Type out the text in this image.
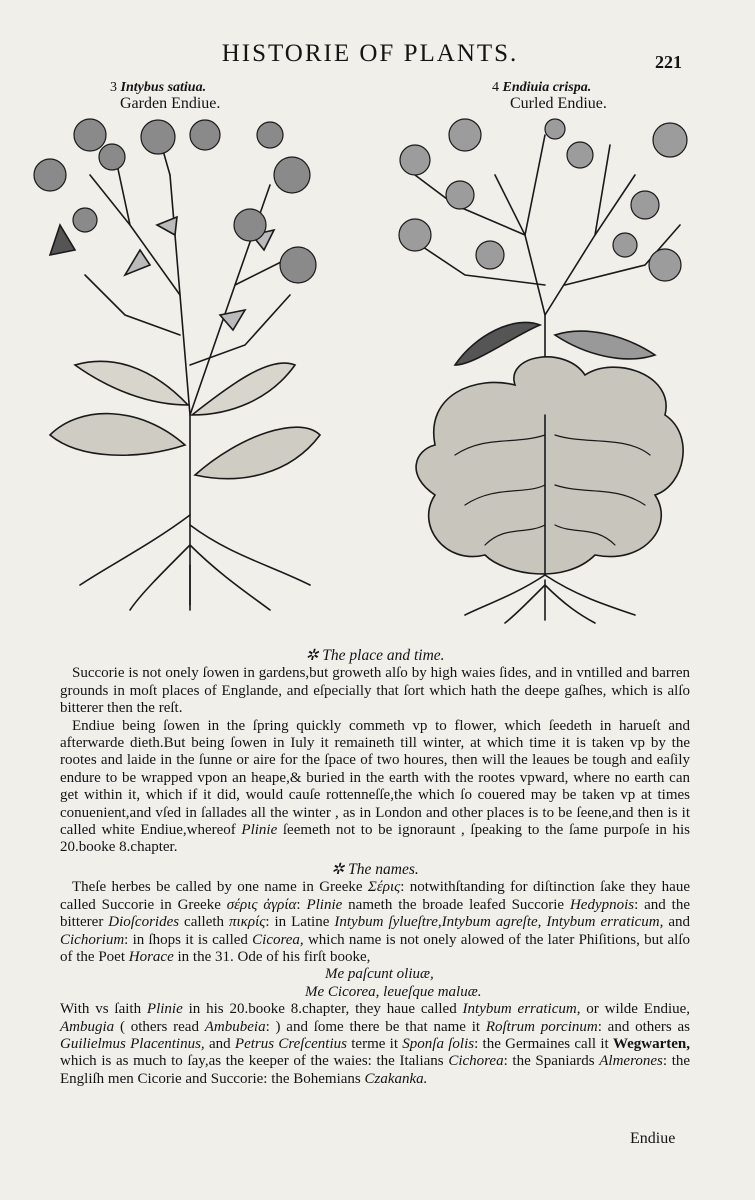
HISTORIE OF PLANTS.	221
3 Intybus satiua.
Garden Endiue.
4 Endiuia crispa.
Curled Endiue.
✲ The place and time.

Succorie is not onely ſowen in gardens,but groweth alſo by high waies ſides, and in vntilled and barren grounds in moſt places of Englande, and eſpecially that ſort which hath the deepe gaſhes, which is alſo bitterer then the reſt.

Endiue being ſowen in the ſpring quickly commeth vp to flower, which ſeedeth in harueſt and afterwarde dieth.But being ſowen in Iuly it remaineth till winter, at which time it is taken vp by the rootes and laide in the ſunne or aire for the ſpace of two houres, then will the leaues be tough and eaſily endure to be wrapped vpon an heape,& buried in the earth with the rootes vpward, where no earth can get within it, which if it did, would cauſe rottenneſſe,the which ſo couered may be taken vp at times conuenient,and vſed in ſallades all the winter , as in London and other places is to be ſeene,and then is it called white Endiue,whereof Plinie ſeemeth not to be ignoraunt , ſpeaking to the ſame purpoſe in his 20.booke 8.chapter.

✲ The names.

Theſe herbes be called by one name in Greeke Σέρις: notwithſtanding for diſtinction ſake they haue called Succorie in Greeke σέρις ἀγρία: Plinie nameth the broade leafed Succorie Hedypnois: and the bitterer Dioſcorides calleth πικρίς: in Latine Intybum ſylueſtre,Intybum agreſte, Intybum erraticum, and Cichorium: in ſhops it is called Cicorea, which name is not onely alowed of the later Phiſitions, but alſo of the Poet Horace in the 31. Ode of his firſt booke,

Me paſcunt oliuæ,

Me Cicorea, leueſque maluæ.

With vs ſaith Plinie in his 20.booke 8.chapter, they haue called Intybum erraticum, or wilde Endiue, Ambugia ( others read Ambubeia: ) and ſome there be that name it Roſtrum porcinum: and others as Guilielmus Placentinus, and Petrus Creſcentius terme it Sponſa ſolis: the Germaines call it Wegwarten, which is as much to ſay,as the keeper of the waies: the Italians Cichorea: the Spaniards Almerones: the Engliſh men Cicorie and Succorie: the Bohemians Czakanka.

Endiue
